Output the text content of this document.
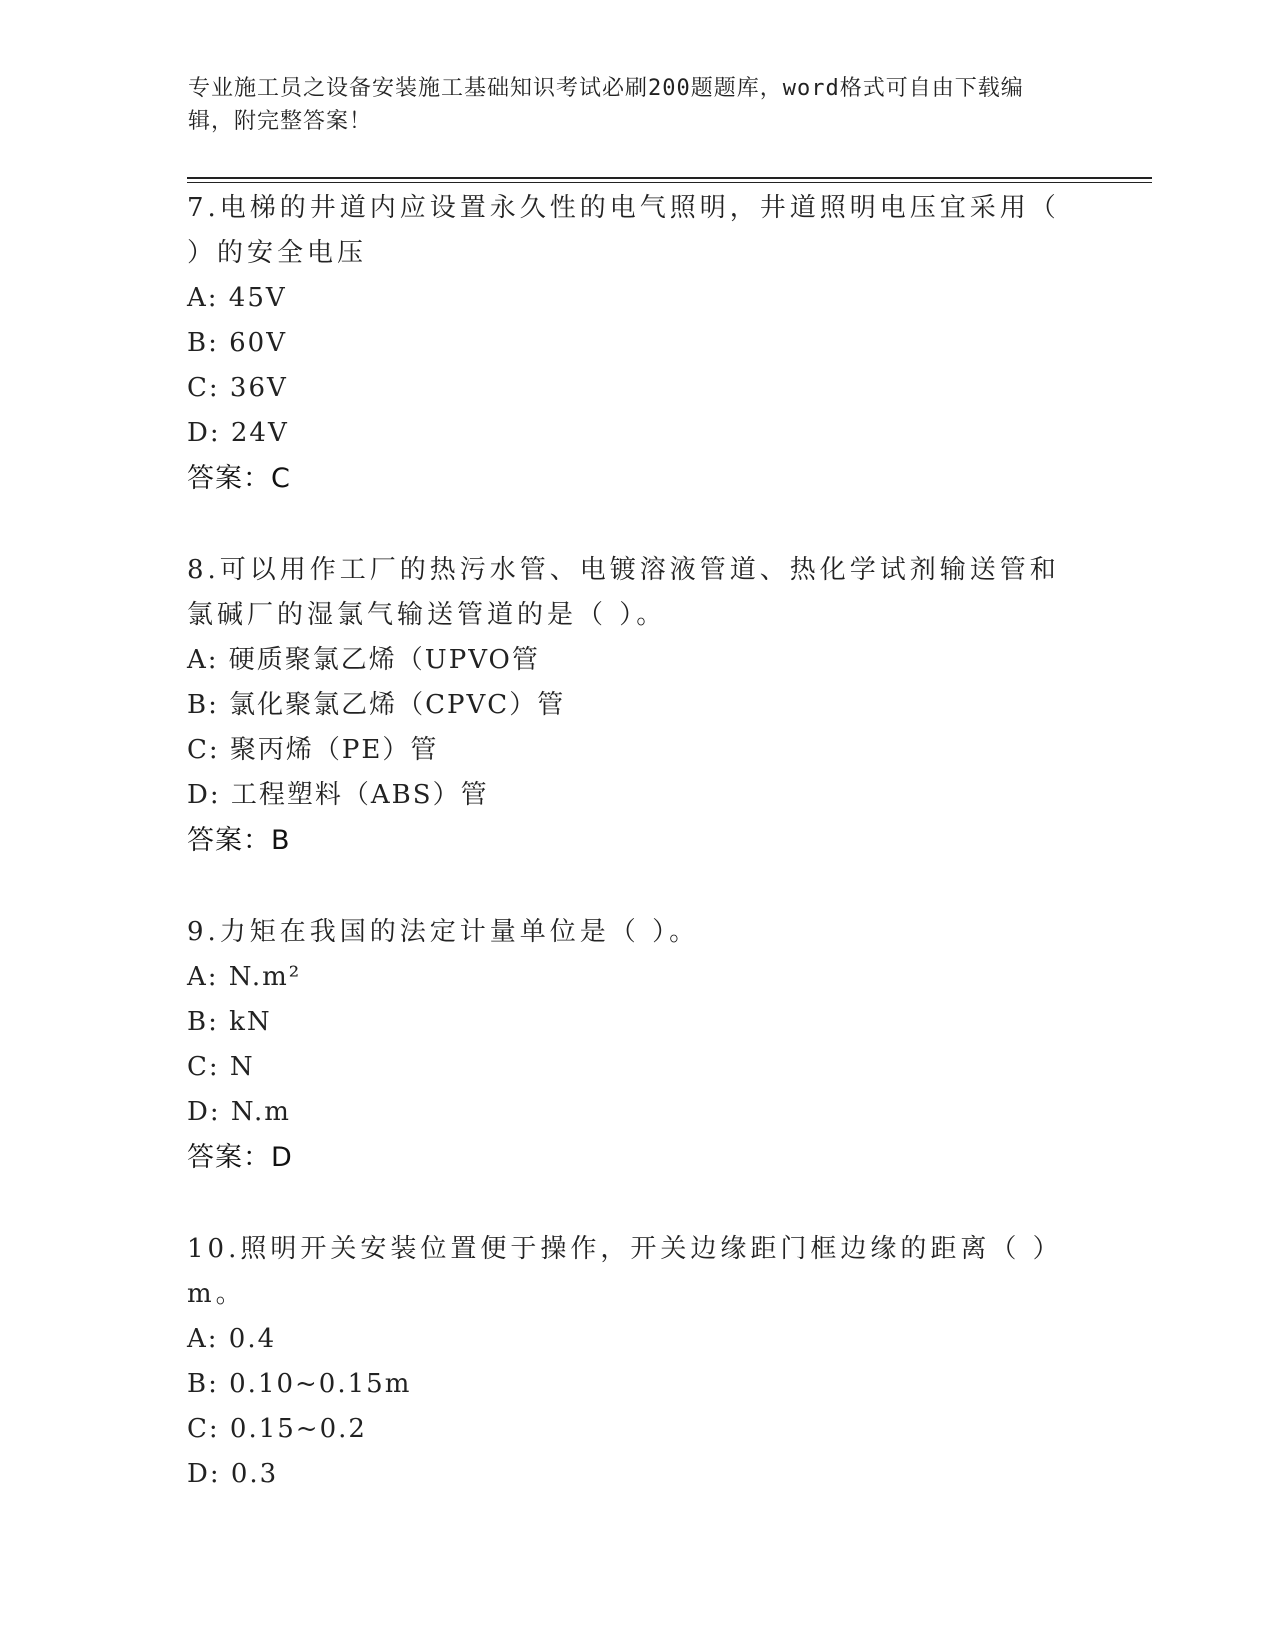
专业施工员之设备安装施工基础知识考试必刷200题题库，word格式可自由下载编辑，附完整答案！
7.电梯的井道内应设置永久性的电气照明，井道照明电压宜采用（ ）的安全电压
A: 45V
B: 60V
C: 36V
D: 24V
答案：C
8.可以用作工厂的热污水管、电镀溶液管道、热化学试剂输送管和氯碱厂的湿氯气输送管道的是（ ）。
A: 硬质聚氯乙烯（UPVO管
B: 氯化聚氯乙烯（CPVC）管
C: 聚丙烯（PE）管
D: 工程塑料（ABS）管
答案：B
9.力矩在我国的法定计量单位是（ ）。
A: N.m²
B: kN
C: N
D: N.m
答案：D
10.照明开关安装位置便于操作，开关边缘距门框边缘的距离（ ）m。
A: 0.4
B: 0.10~0.15m
C: 0.15~0.2
D: 0.3
